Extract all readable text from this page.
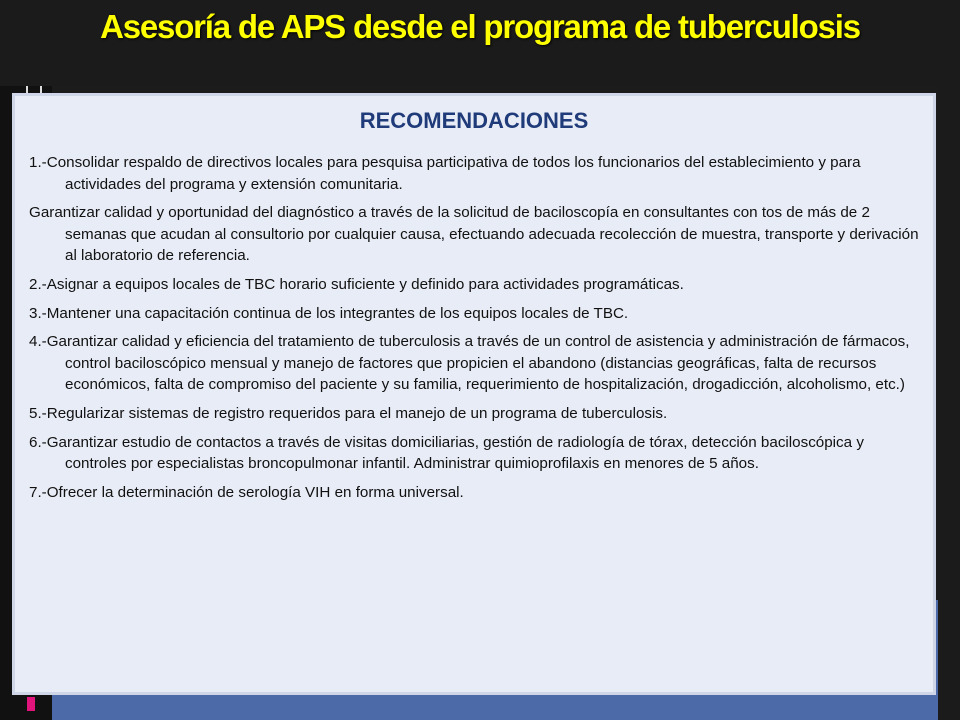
Asesoría de APS desde el programa de tuberculosis
RECOMENDACIONES

1.-Consolidar respaldo de directivos locales para pesquisa participativa de todos los funcionarios del establecimiento y para actividades del programa y extensión comunitaria.

Garantizar calidad y oportunidad del diagnóstico a través de la solicitud de baciloscopía en consultantes con tos de más de 2 semanas que acudan al consultorio por cualquier causa, efectuando adecuada recolección de muestra, transporte y derivación al laboratorio de referencia.

2.-Asignar a equipos locales de TBC horario suficiente y definido para actividades programáticas.

3.-Mantener una capacitación continua de los integrantes de los equipos locales de TBC.

4.-Garantizar calidad y eficiencia del tratamiento de tuberculosis a través de un control de asistencia y administración de fármacos, control baciloscópico mensual y manejo de factores que propicien el abandono (distancias geográficas, falta de recursos económicos, falta de compromiso del paciente y su familia, requerimiento de hospitalización, drogadicción, alcoholismo, etc.)

5.-Regularizar sistemas de registro requeridos para el manejo de un programa de tuberculosis.

6.-Garantizar estudio de contactos a través de visitas domiciliarias, gestión de radiología de tórax, detección baciloscópica y controles por especialistas broncopulmonar infantil. Administrar quimioprofilaxis en menores de 5 años.

7.-Ofrecer la determinación de serología VIH en forma universal.
